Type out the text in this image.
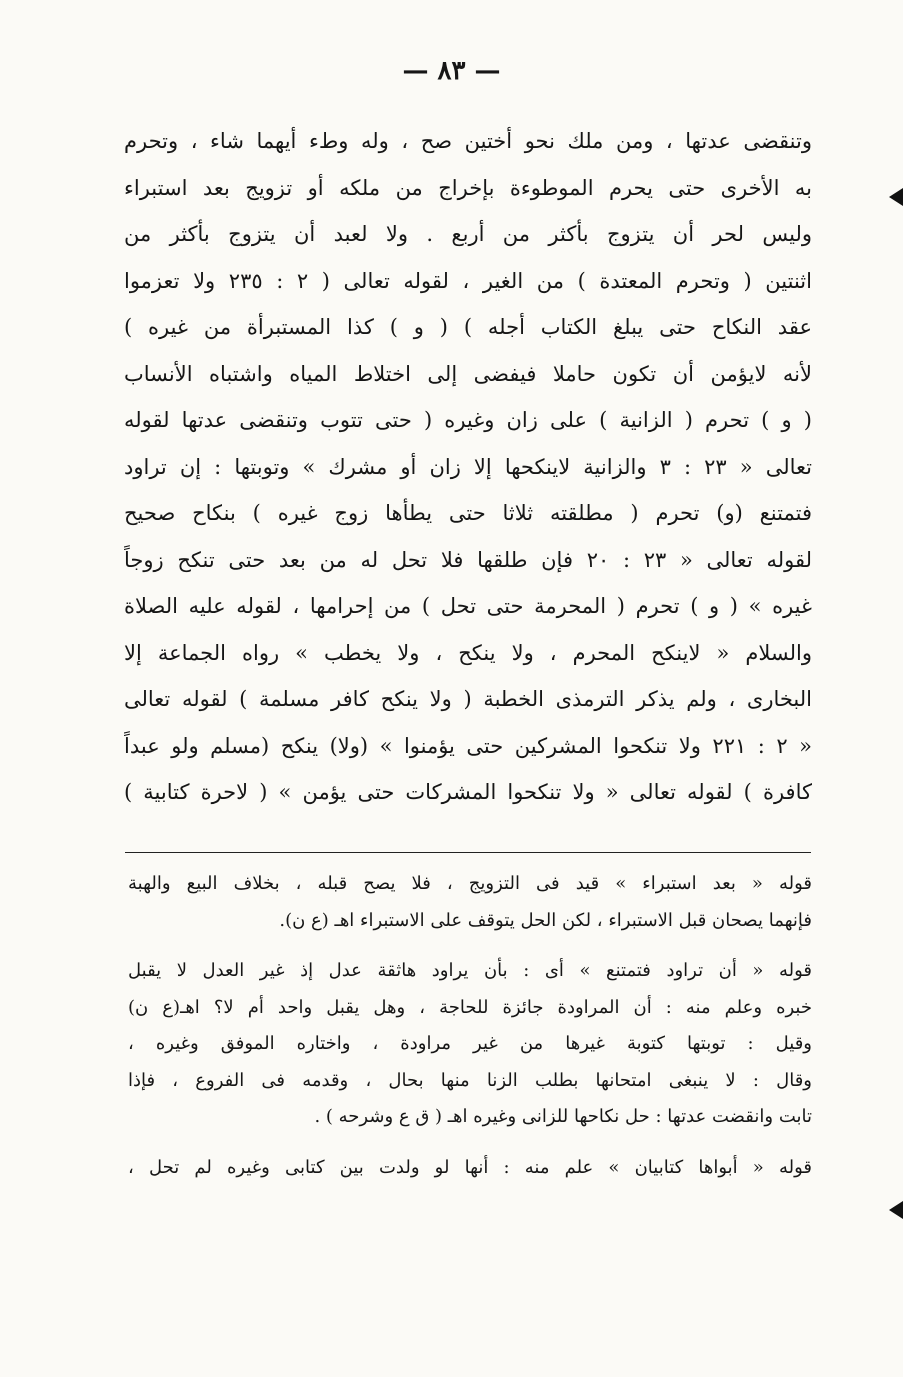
— ٨٣ —
وتنقضى عدتها ، ومن ملك نحو أختين صح ، وله وطء أيهما شاء ، وتحرم
به الأخرى حتى يحرم الموطوءة بإخراج من ملكه أو تزويج بعد استبراء
وليس لحر أن يتزوج بأكثر من أربع . ولا لعبد أن يتزوج بأكثر من
اثنتين ( وتحرم المعتدة ) من الغير ، لقوله تعالى ( ٢ : ٢٣٥ ولا تعزموا
عقد النكاح حتى يبلغ الكتاب أجله ) ( و ) كذا المستبرأة من غيره )
لأنه لايؤمن أن تكون حاملا فيفضى إلى اختلاط المياه واشتباه الأنساب
( و ) تحرم ( الزانية ) على زان وغيره ( حتى تتوب وتنقضى عدتها لقوله
تعالى « ٢٣ : ٣ والزانية لاينكحها إلا زان أو مشرك » وتوبتها : إن تراود
فتمتنع (و) تحرم ( مطلقته ثلاثا حتى يطأها زوج غيره ) بنكاح صحيح
لقوله تعالى « ٢٣ : ٢٠ فإن طلقها فلا تحل له من بعد حتى تنكح زوجاً
غيره » ( و ) تحرم ( المحرمة حتى تحل ) من إحرامها ، لقوله عليه الصلاة
والسلام « لاينكح المحرم ، ولا ينكح ، ولا يخطب » رواه الجماعة إلا
البخارى ، ولم يذكر الترمذى الخطبة ( ولا ينكح كافر مسلمة ) لقوله تعالى
« ٢ : ٢٢١ ولا تنكحوا المشركين حتى يؤمنوا » (ولا) ينكح (مسلم ولو عبداً
كافرة ) لقوله تعالى « ولا تنكحوا المشركات حتى يؤمن » ( لاحرة كتابية )
قوله « بعد استبراء » قيد فى التزويج ، فلا يصح قبله ، بخلاف البيع والهبة
فإنهما يصحان قبل الاستبراء ، لكن الحل يتوقف على الاستبراء اهـ (ع ن).
قوله « أن تراود فتمتنع » أى : بأن يراود هاثقة عدل إذ غير العدل لا يقبل
خبره وعلم منه : أن المراودة جائزة للحاجة ، وهل يقبل واحد أم لا؟ اهـ(ع ن)
وقيل : توبتها كتوبة غيرها من غير مراودة ، واختاره الموفق وغيره ،
وقال : لا ينبغى امتحانها بطلب الزنا منها بحال ، وقدمه فى الفروع ، فإذا
تابت وانقضت عدتها : حل نكاحها للزانى وغيره اهـ ( ق ع وشرحه ) .
قوله « أبواها كتابيان » علم منه : أنها لو ولدت بين كتابى وغيره لم تحل ،
